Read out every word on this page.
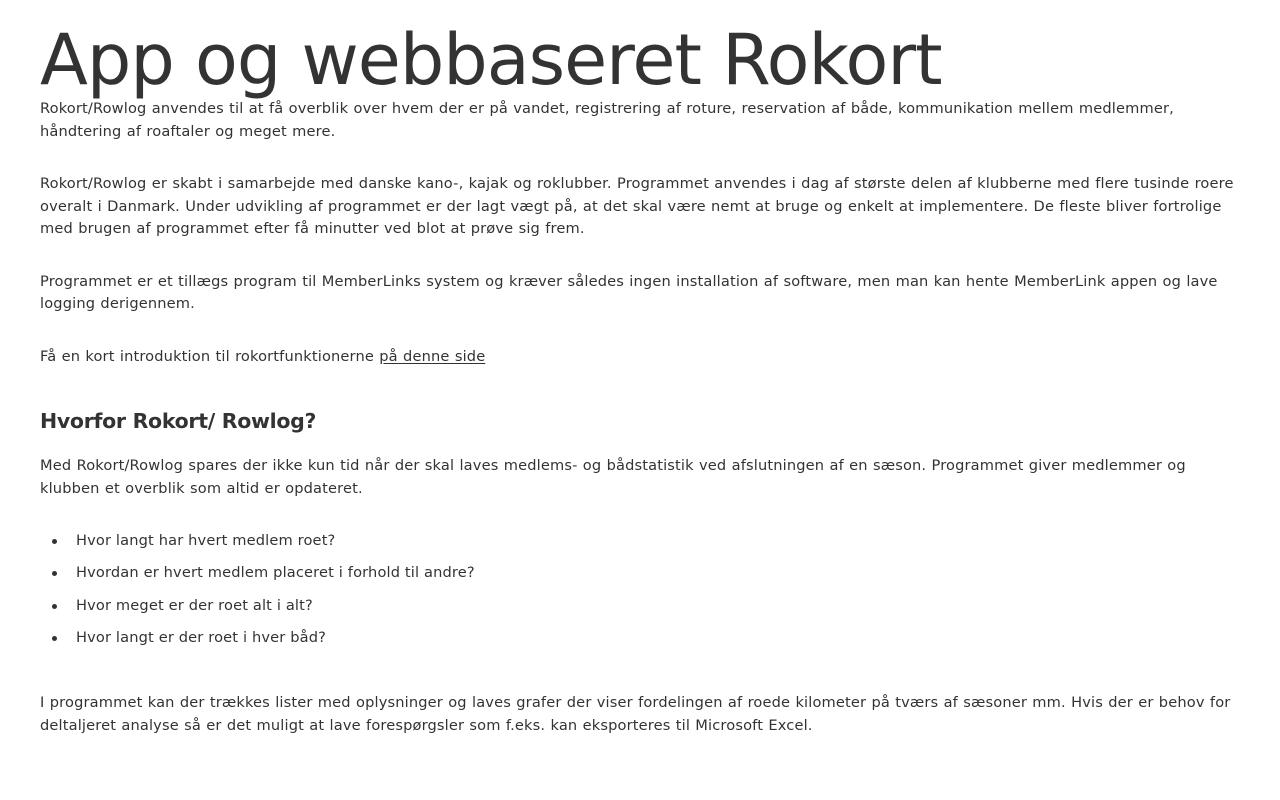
App og webbaseret Rokort

Rokort/Rowlog anvendes til at få overblik over hvem der er på vandet, registrering af roture, reservation af både, kommunikation mellem medlemmer, håndtering af roaftaler og meget mere.

Rokort/Rowlog er skabt i samarbejde med danske kano-, kajak og roklubber. Programmet anvendes i dag af største delen af klubberne med flere tusinde roere overalt i Danmark. Under udvikling af programmet er der lagt vægt på, at det skal være nemt at bruge og enkelt at implementere. De fleste bliver fortrolige med brugen af programmet efter få minutter ved blot at prøve sig frem.

Programmet er et tillægs program til MemberLinks system og kræver således ingen installation af software, men man kan hente MemberLink appen og lave logging derigennem.

Få en kort introduktion til rokortfunktionerne på denne side

Hvorfor Rokort/ Rowlog?

Med Rokort/Rowlog spares der ikke kun tid når der skal laves medlems- og bådstatistik ved afslutningen af en sæson. Programmet giver medlemmer og klubben et overblik som altid er opdateret.

Hvor langt har hvert medlem roet?
Hvordan er hvert medlem placeret i forhold til andre?
Hvor meget er der roet alt i alt?
Hvor langt er der roet i hver båd?

I programmet kan der trækkes lister med oplysninger og laves grafer der viser fordelingen af roede kilometer på tværs af sæsoner mm. Hvis der er behov for deltaljeret analyse så er det muligt at lave forespørgsler som f.eks. kan eksporteres til Microsoft Excel.
